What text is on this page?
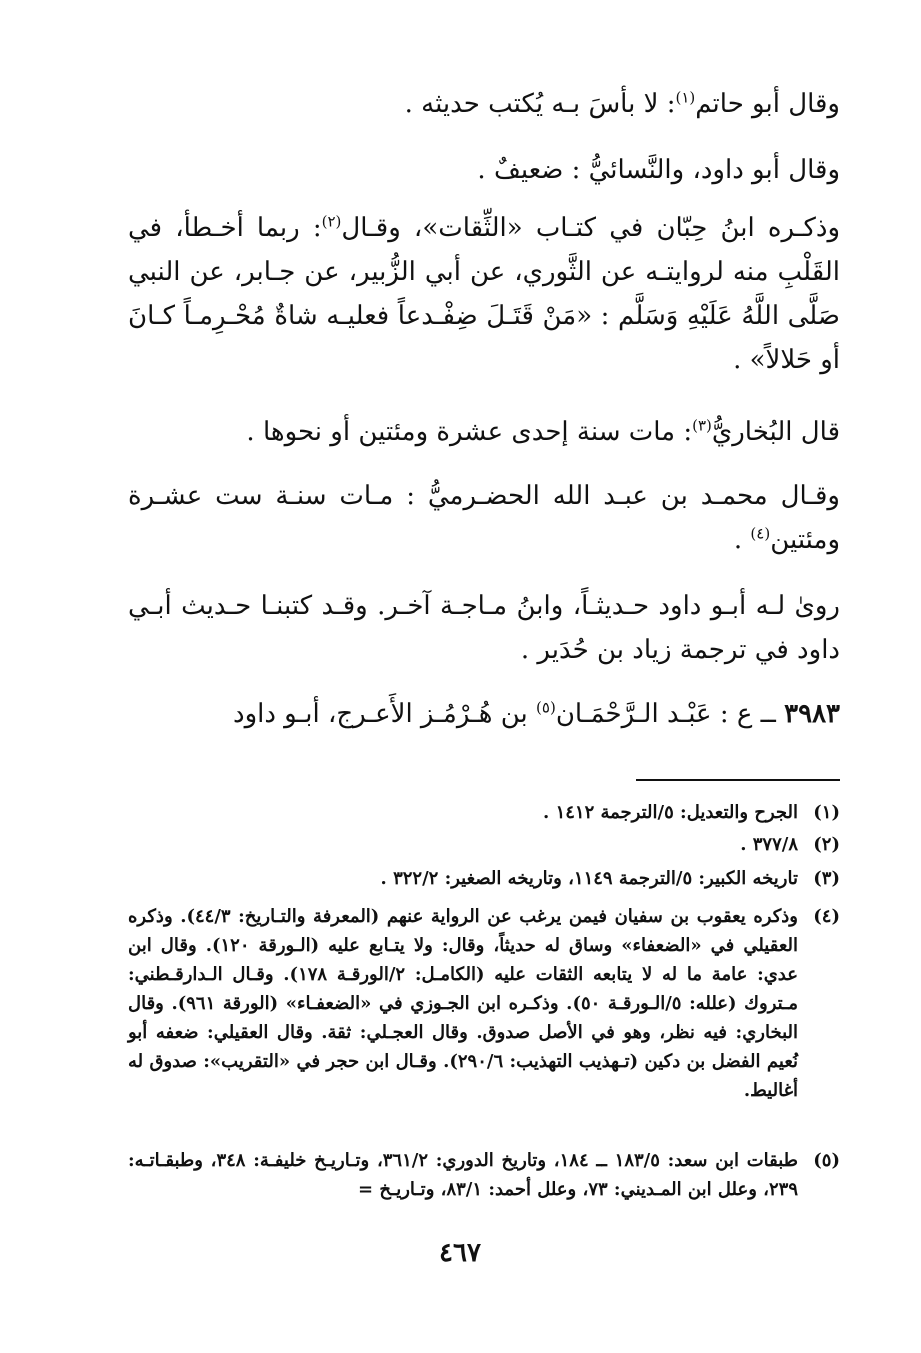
وقال أبو حاتم$^{(١)}$: لا بأسَ بـه يُكتب حديثه .
وقال أبو داود، والنَّسائيُّ : ضعيفٌ .
وذكـره ابنُ حِبّان في كتـاب «الثِّقات»، وقـال$^{(٢)}$: ربما أخـطأ، في القَلْبِ منه لروايتـه عن الثَّوري، عن أبي الزُّبير، عن جـابر، عن النبي صَلَّى اللَّهُ عَلَيْهِ وَسَلَّم : «مَنْ قَتَـلَ ضِفْـدعاً فعليـه شاةٌ مُحْـرِمـاً كـانَ أو حَلالاً» .
قال البُخاريُّ$^{(٣)}$: مات سنة إحدى عشرة ومئتين أو نحوها .
وقـال محمـد بن عبـد الله الحضـرميُّ : مـات سنـة ست عشـرة ومئتين$^{(٤)}$ .
روىٰ لـه أبـو داود حـديثـاً، وابنُ مـاجـة آخـر. وقـد كتبنـا حـديث أبـي داود في ترجمة زياد بن حُدَير .
٣٩٨٣ ــ ع : عَبْـد الـرَّحْمَـان$^{(٥)}$ بن هُـرْمُـز الأَعـرج، أبـو داود
(١)
الجرح والتعديل: ٥/الترجمة ١٤١٢ .
(٢)
٣٧٧/٨ .
(٣)
تاريخه الكبير: ٥/الترجمة ١١٤٩، وتاريخه الصغير: ٣٢٢/٢ .
(٤)
وذكره يعقوب بن سفيان فيمن يرغب عن الرواية عنهم (المعرفة والتـاريخ: ٤٤/٣). وذكره العقيلي في «الضعفاء» وساق له حديثاً، وقال: ولا يتـابع عليه (الـورقة ١٢٠). وقال ابن عدي: عامة ما له لا يتابعه الثقات عليه (الكامـل: ٢/الورقـة ١٧٨). وقـال الـدارقـطني: مـتروك (علله: ٥/الـورقـة ٥٠). وذكـره ابن الجـوزي في «الضعفـاء» (الورقة ٩٦١). وقال البخاري: فيه نظر، وهو في الأصل صدوق. وقال العجـلي: ثقة. وقال العقيلي: ضعفه أبو نُعيم الفضل بن دكين (تـهذيب التهذيب: ٢٩٠/٦). وقـال ابن حجر في «التقريب»: صدوق له أغاليط.
(٥)
طبقات ابن سعد: ١٨٣/٥ ــ ١٨٤، وتاريخ الدوري: ٣٦١/٢، وتـاريـخ خليفـة: ٣٤٨، وطبقـاتـه: ٢٣٩، وعلل ابن المـديني: ٧٣، وعلل أحمد: ٨٣/١، وتـاريـخ =
٤٦٧
